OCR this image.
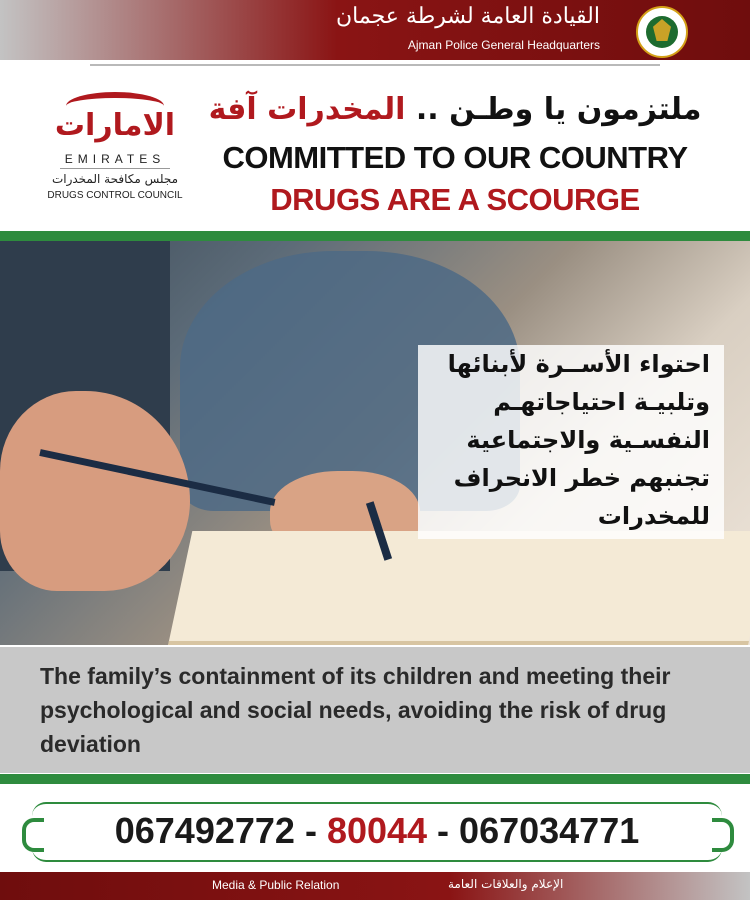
القيادة العامة لشرطة عجمان
Ajman Police General Headquarters
الامارات
EMIRATES
مجلس مكافحة المخدرات
DRUGS CONTROL COUNCIL
ملتزمون يا وطـن .. المخدرات آفة
COMMITTED TO OUR COUNTRY
DRUGS ARE A SCOURGE
احتواء الأســرة لأبنائها
وتلبيـة احتياجاتهـم
النفسـية والاجتماعية
تجنبهم خطر الانحراف
للمخدرات
The family’s containment of its children and meeting their psychological and social needs, avoiding the risk of drug deviation
067492772 - 80044 - 067034771
Media & Public Relation	الإعلام والعلاقات العامة
